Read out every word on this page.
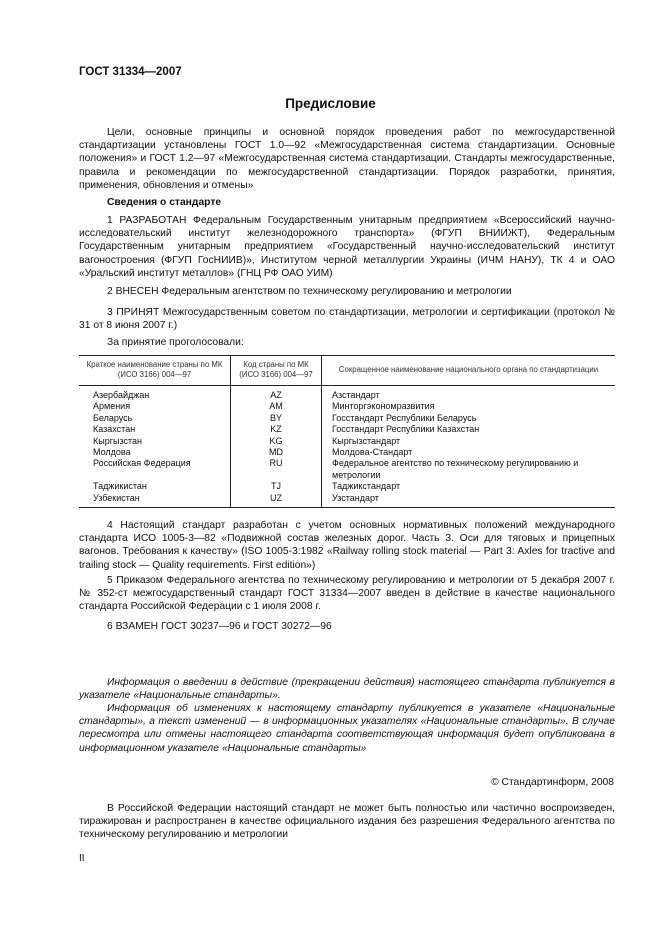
ГОСТ 31334—2007
Предисловие
Цели, основные принципы и основной порядок проведения работ по межгосударственной стандартизации установлены ГОСТ 1.0—92 «Межгосударственная система стандартизации. Основные положения» и ГОСТ 1.2—97 «Межгосударственная система стандартизации. Стандарты межгосударственные, правила и рекомендации по межгосударственной стандартизации. Порядок разработки, принятия, применения, обновления и отмены»
Сведения о стандарте
1 РАЗРАБОТАН Федеральным Государственным унитарным предприятием «Всероссийский научно-исследовательский институт железнодорожного транспорта» (ФГУП ВНИИЖТ), Федеральным Государственным унитарным предприятием «Государственный научно-исследовательский институт вагоностроения (ФГУП ГосНИИВ)», Институтом черной металлургии Украины (ИЧМ НАНУ), ТК 4 и ОАО «Уральский институт металлов» (ГНЦ РФ ОАО УИМ)
2 ВНЕСЕН Федеральным агентством по техническому регулированию и метрологии
3 ПРИНЯТ Межгосударственным советом по стандартизации, метрологии и сертификации (протокол № 31 от 8 июня 2007 г.)
За принятие проголосовали:
Краткое наименование страны по МК (ИСО 3166) 004—97	Код страны по МК (ИСО 3166) 004—97	Сокращенное наименование национального органа по стандартизации
Азербайджан	AZ	Азстандарт
Армения	AM	Минторгэкономразвития
Беларусь	BY	Госстандарт Республики Беларусь
Казахстан	KZ	Госстандарт Республики Казахстан
Кыргызстан	KG	Кыргызстандарт
Молдова	MD	Молдова-Стандарт
Российская Федерация	RU	Федеральное агентство по техническому регулированию и метрологии
Таджикистан	TJ	Таджикстандарт
Узбекистан	UZ	Узстандарт
4 Настоящий стандарт разработан с учетом основных нормативных положений международного стандарта ИСО 1005-3—82 «Подвижной состав железных дорог. Часть 3. Оси для тяговых и прицепных вагонов. Требования к качеству» (ISO 1005-3:1982 «Railway rolling stock material — Part 3: Axles for tractive and trailing stock — Quality requirements. First edition»)
5 Приказом Федерального агентства по техническому регулированию и метрологии от 5 декабря 2007 г. № 352-ст межгосударственный стандарт ГОСТ 31334—2007 введен в действие в качестве национального стандарта Российской Федерации с 1 июля 2008 г.
6 ВЗАМЕН ГОСТ 30237—96 и ГОСТ 30272—96
Информация о введении в действие (прекращении действия) настоящего стандарта публикуется в указателе «Национальные стандарты».
Информация об изменениях к настоящему стандарту публикуется в указателе «Национальные стандарты», а текст изменений — в информационных указателях «Национальные стандарты». В случае пересмотра или отмены настоящего стандарта соответствующая информация будет опубликована в информационном указателе «Национальные стандарты»
© Стандартинформ, 2008
В Российской Федерации настоящий стандарт не может быть полностью или частично воспроизведен, тиражирован и распространен в качестве официального издания без разрешения Федерального агентства по техническому регулированию и метрологии
II
